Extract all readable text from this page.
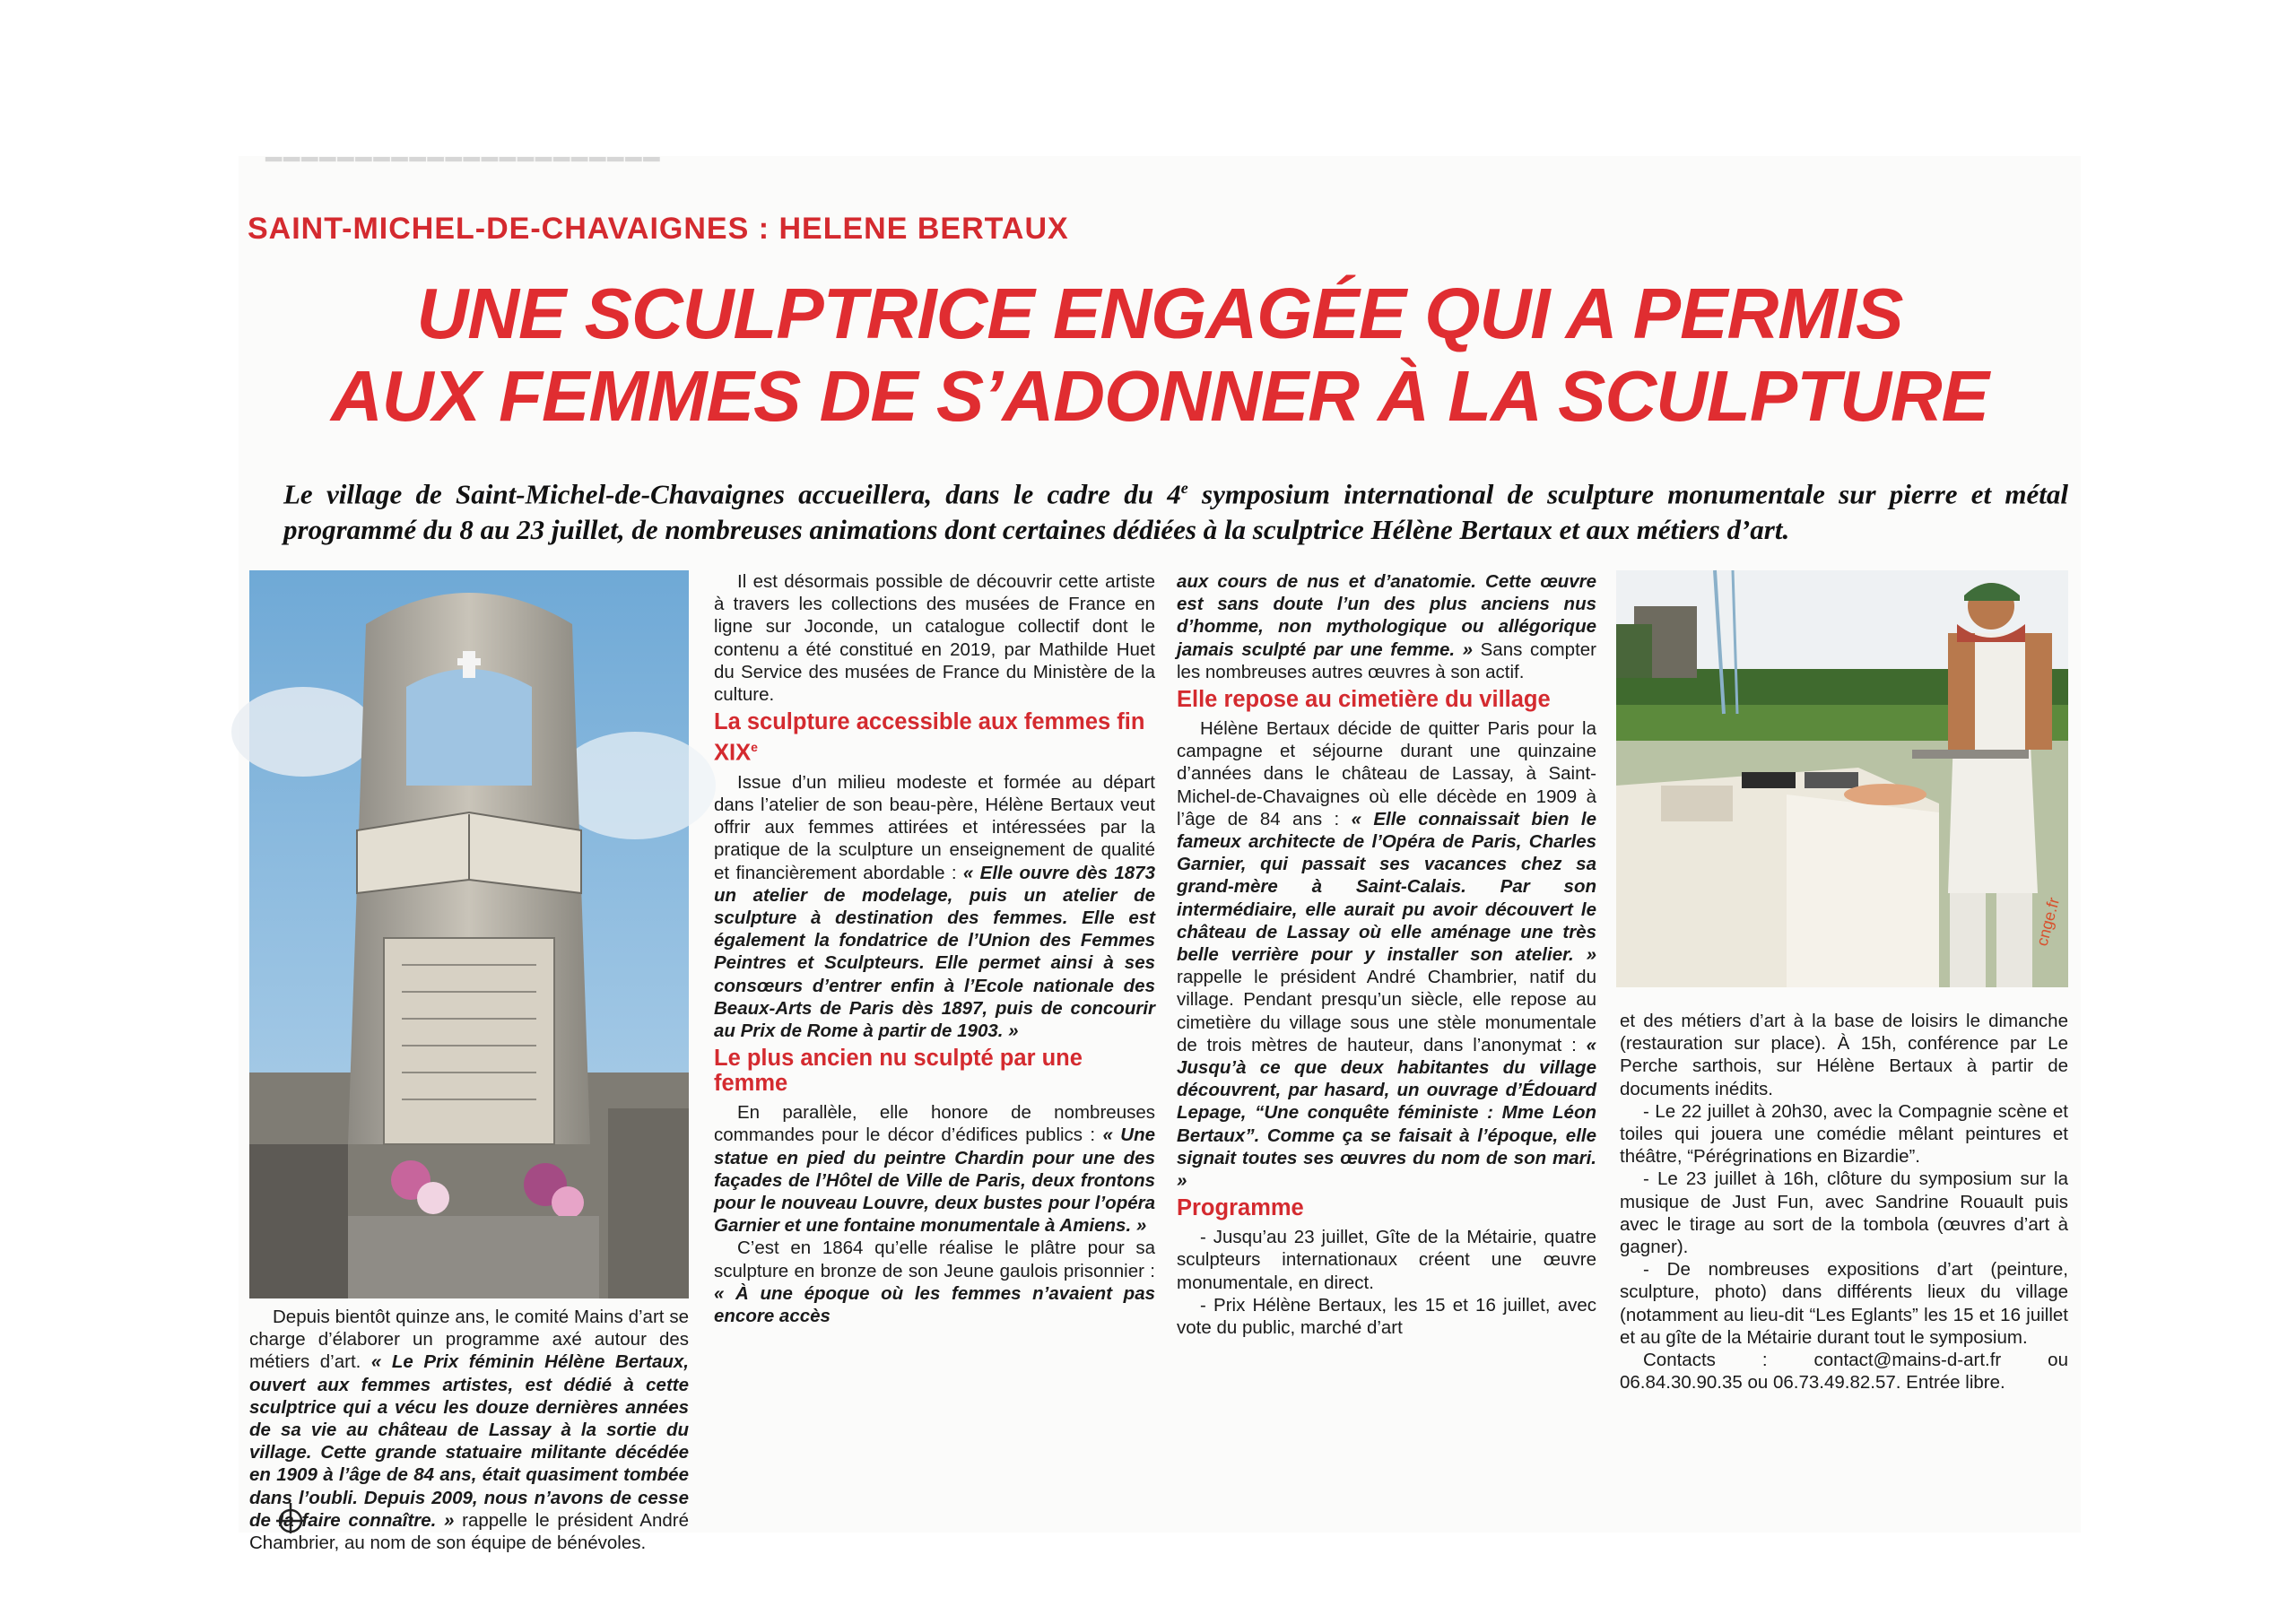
━━━━━━━━━━━━━━━━━━━━━━
SAINT-MICHEL-DE-CHAVAIGNES : HELENE BERTAUX
UNE SCULPTRICE ENGAGÉE QUI A PERMIS
AUX FEMMES DE S’ADONNER À LA SCULPTURE
Le village de Saint-Michel-de-Chavaignes accueillera, dans le cadre du 4e symposium international de sculpture monumentale sur pierre et métal programmé du 8 au 23 juillet, de nombreuses animations dont certaines dédiées à la sculptrice Hélène Bertaux et aux métiers d’art.
cnge.fr

Depuis bientôt quinze ans, le comité Mains d’art se charge d’élaborer un programme axé autour des métiers d’art. « Le Prix féminin Hélène Bertaux, ouvert aux femmes artistes, est dédié à cette sculptrice qui a vécu les douze dernières années de sa vie au château de Lassay à la sortie du village. Cette grande statuaire militante décédée en 1909 à l’âge de 84 ans, était quasiment tombée dans l’oubli. Depuis 2009, nous n’avons de cesse de la faire connaître. » rappelle le président André Chambrier, au nom de son équipe de bénévoles.

Il est désormais possible de découvrir cette artiste à travers les collections des musées de France en ligne sur Joconde, un catalogue collectif dont le contenu a été constitué en 2019, par Mathilde Huet du Service des musées de France du Ministère de la culture.

La sculpture accessible aux femmes fin XIXe

Issue d’un milieu modeste et formée au départ dans l’atelier de son beau-père, Hélène Bertaux veut offrir aux femmes attirées et intéressées par la pratique de la sculpture un enseignement de qualité et financièrement abordable : « Elle ouvre dès 1873 un atelier de modelage, puis un atelier de sculpture à destination des femmes. Elle est également la fondatrice de l’Union des Femmes Peintres et Sculpteurs. Elle permet ainsi à ses consœurs d’entrer enfin à l’Ecole nationale des Beaux-Arts de Paris dès 1897, puis de concourir au Prix de Rome à partir de 1903. »

Le plus ancien nu sculpté par une femme

En parallèle, elle honore de nombreuses commandes pour le décor d’édifices publics : « Une statue en pied du peintre Chardin pour une des façades de l’Hôtel de Ville de Paris, deux frontons pour le nouveau Louvre, deux bustes pour l’opéra Garnier et une fontaine monumentale à Amiens. »

C’est en 1864 qu’elle réalise le plâtre pour sa sculpture en bronze de son Jeune gaulois prisonnier : « À une époque où les femmes n’avaient pas encore accès

aux cours de nus et d’anatomie. Cette œuvre est sans doute l’un des plus anciens nus d’homme, non mythologique ou allégorique jamais sculpté par une femme. » Sans compter les nombreuses autres œuvres à son actif.

Elle repose au cimetière du village

Hélène Bertaux décide de quitter Paris pour la campagne et séjourne durant une quinzaine d’années dans le château de Lassay, à Saint-Michel-de-Chavaignes où elle décède en 1909 à l’âge de 84 ans : « Elle connaissait bien le fameux architecte de l’Opéra de Paris, Charles Garnier, qui passait ses vacances chez sa grand-mère à Saint-Calais. Par son intermédiaire, elle aurait pu avoir découvert le château de Lassay où elle aménage une très belle verrière pour y installer son atelier. » rappelle le président André Chambrier, natif du village. Pendant presqu’un siècle, elle repose au cimetière du village sous une stèle monumentale de trois mètres de hauteur, dans l’anonymat : « Jusqu’à ce que deux habitantes du village découvrent, par hasard, un ouvrage d’Édouard Lepage, “Une conquête féministe : Mme Léon Bertaux”. Comme ça se faisait à l’époque, elle signait toutes ses œuvres du nom de son mari. »

Programme

- Jusqu’au 23 juillet, Gîte de la Métairie, quatre sculpteurs internationaux créent une œuvre monumentale, en direct.

- Prix Hélène Bertaux, les 15 et 16 juillet, avec vote du public, marché d’art

et des métiers d’art à la base de loisirs le dimanche (restauration sur place). À 15h, conférence par Le Perche sarthois, sur Hélène Bertaux à partir de documents inédits.

- Le 22 juillet à 20h30, avec la Compagnie scène et toiles qui jouera une comédie mêlant peintures et théâtre, “Pérégrinations en Bizardie”.

- Le 23 juillet à 16h, clôture du symposium sur la musique de Just Fun, avec Sandrine Rouault puis avec le tirage au sort de la tombola (œuvres d’art à gagner).

- De nombreuses expositions d’art (peinture, sculpture, photo) dans différents lieux du village (notamment au lieu-dit “Les Eglants” les 15 et 16 juillet et au gîte de la Métairie durant tout le symposium.

Contacts : contact@mains-d-art.fr ou 06.84.30.90.35 ou 06.73.49.82.57. Entrée libre.
